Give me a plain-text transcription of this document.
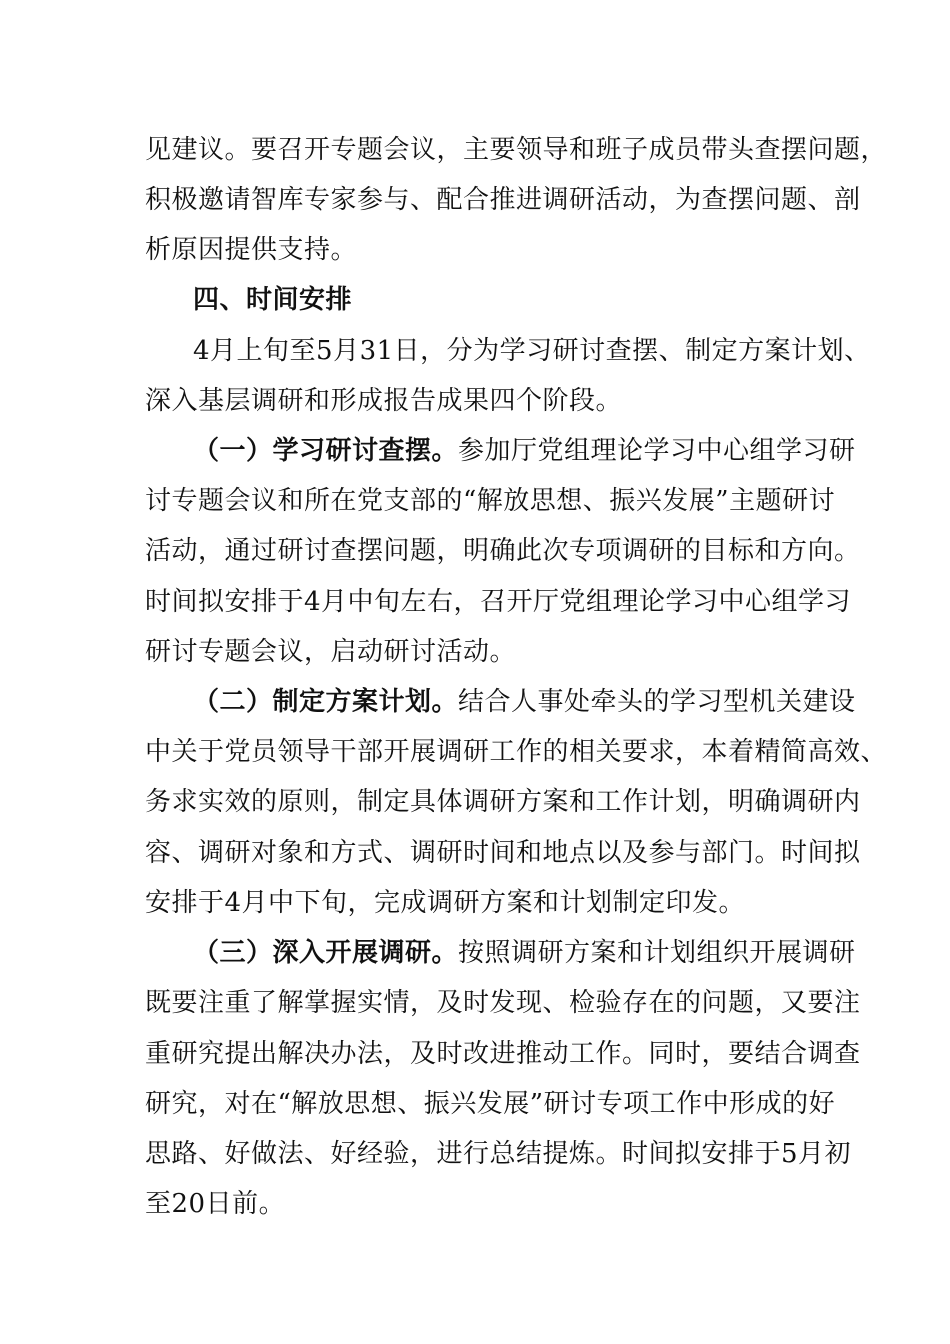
见建议。要召开专题会议，主要领导和班子成员带头查摆问题，
积极邀请智库专家参与、配合推进调研活动，为查摆问题、剖
析原因提供支持。
四、时间安排
4月上旬至5月31日，分为学习研讨查摆、制定方案计划、
深入基层调研和形成报告成果四个阶段。
（一）学习研讨查摆。参加厅党组理论学习中心组学习研
讨专题会议和所在党支部的“解放思想、振兴发展”主题研讨
活动，通过研讨查摆问题，明确此次专项调研的目标和方向。
时间拟安排于4月中旬左右，召开厅党组理论学习中心组学习
研讨专题会议，启动研讨活动。
（二）制定方案计划。结合人事处牵头的学习型机关建设
中关于党员领导干部开展调研工作的相关要求，本着精简高效、
务求实效的原则，制定具体调研方案和工作计划，明确调研内
容、调研对象和方式、调研时间和地点以及参与部门。时间拟
安排于4月中下旬，完成调研方案和计划制定印发。
（三）深入开展调研。按照调研方案和计划组织开展调研
既要注重了解掌握实情，及时发现、检验存在的问题，又要注
重研究提出解决办法，及时改进推动工作。同时，要结合调查
研究，对在“解放思想、振兴发展”研讨专项工作中形成的好
思路、好做法、好经验，进行总结提炼。时间拟安排于5月初
至20日前。
